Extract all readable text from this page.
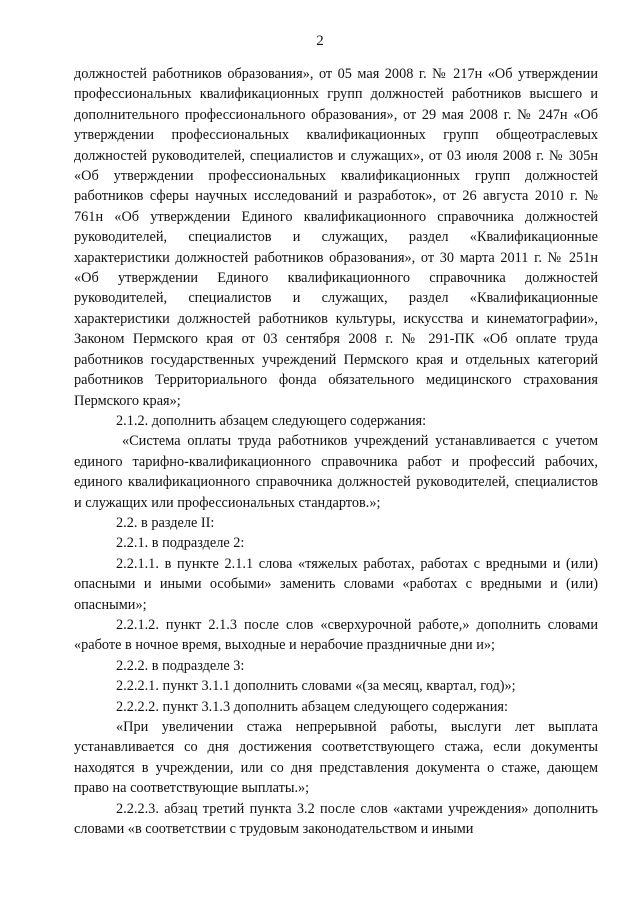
2

должностей работников образования», от 05 мая 2008 г. № 217н «Об утверждении профессиональных квалификационных групп должностей работников высшего и дополнительного профессионального образования», от 29 мая 2008 г. № 247н «Об утверждении профессиональных квалификационных групп общеотраслевых должностей руководителей, специалистов и служащих», от 03 июля 2008 г. № 305н «Об утверждении профессиональных квалификационных групп должностей работников сферы научных исследований и разработок», от 26 августа 2010 г. № 761н «Об утверждении Единого квалификационного справочника должностей руководителей, специалистов и служащих, раздел «Квалификационные характеристики должностей работников образования», от 30 марта 2011 г. № 251н «Об утверждении Единого квалификационного справочника должностей руководителей, специалистов и служащих, раздел «Квалификационные характеристики должностей работников культуры, искусства и кинематографии», Законом Пермского края от 03 сентября 2008 г. № 291-ПК «Об оплате труда работников государственных учреждений Пермского края и отдельных категорий работников Территориального фонда обязательного медицинского страхования Пермского края»;

2.1.2. дополнить абзацем следующего содержания:

«Система оплаты труда работников учреждений устанавливается с учетом единого тарифно-квалификационного справочника работ и профессий рабочих, единого квалификационного справочника должностей руководителей, специалистов и служащих или профессиональных стандартов.»;

2.2. в разделе II:

2.2.1. в подразделе 2:

2.2.1.1. в пункте 2.1.1 слова «тяжелых работах, работах с вредными и (или) опасными и иными особыми» заменить словами «работах с вредными и (или) опасными»;

2.2.1.2. пункт 2.1.3 после слов «сверхурочной работе,» дополнить словами «работе в ночное время, выходные и нерабочие праздничные дни и»;

2.2.2. в подразделе 3:

2.2.2.1. пункт 3.1.1 дополнить словами «(за месяц, квартал, год)»;

2.2.2.2. пункт 3.1.3 дополнить абзацем следующего содержания:

«При увеличении стажа непрерывной работы, выслуги лет выплата устанавливается со дня достижения соответствующего стажа, если документы находятся в учреждении, или со дня представления документа о стаже, дающем право на соответствующие выплаты.»;

2.2.2.3. абзац третий пункта 3.2 после слов «актами учреждения» дополнить словами «в соответствии с трудовым законодательством и иными
